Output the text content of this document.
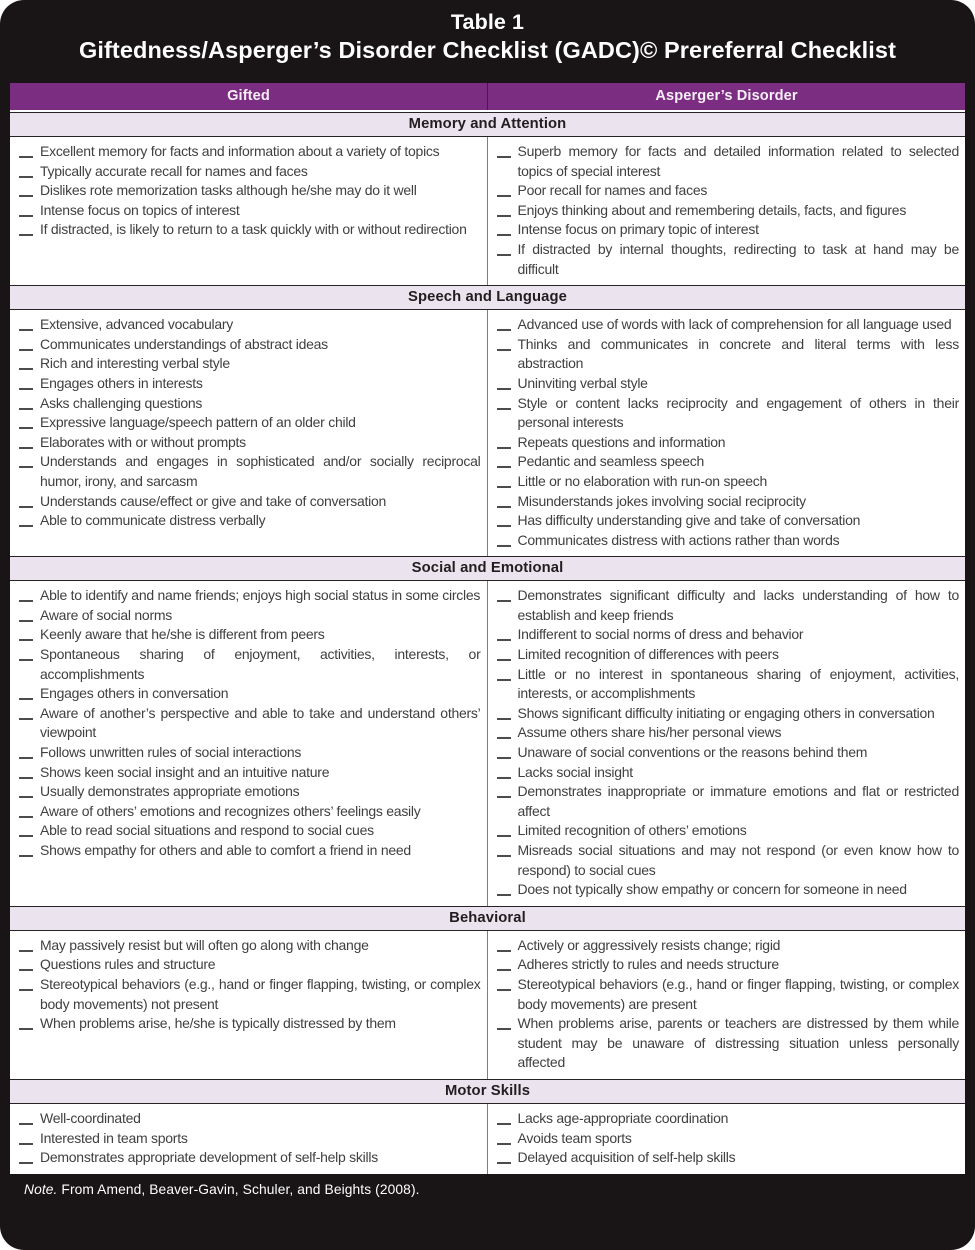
Table 1
Giftedness/Asperger’s Disorder Checklist (GADC)© Prereferral Checklist
Gifted	Asperger’s Disorder
Memory and Attention
Excellent memory for facts and information about a variety of topics
Typically accurate recall for names and faces
Dislikes rote memorization tasks although he/she may do it well
Intense focus on topics of interest
If distracted, is likely to return to a task quickly with or without redirection
Superb memory for facts and detailed information related to selected topics of special interest
Poor recall for names and faces
Enjoys thinking about and remembering details, facts, and figures
Intense focus on primary topic of interest
If distracted by internal thoughts, redirecting to task at hand may be difficult
Speech and Language
Extensive, advanced vocabulary
Communicates understandings of abstract ideas
Rich and interesting verbal style
Engages others in interests
Asks challenging questions
Expressive language/speech pattern of an older child
Elaborates with or without prompts
Understands and engages in sophisticated and/or socially reciprocal humor, irony, and sarcasm
Understands cause/effect or give and take of conversation
Able to communicate distress verbally
Advanced use of words with lack of comprehension for all language used
Thinks and communicates in concrete and literal terms with less abstraction
Uninviting verbal style
Style or content lacks reciprocity and engagement of others in their personal interests
Repeats questions and information
Pedantic and seamless speech
Little or no elaboration with run-on speech
Misunderstands jokes involving social reciprocity
Has difficulty understanding give and take of conversation
Communicates distress with actions rather than words
Social and Emotional
Able to identify and name friends; enjoys high social status in some circles
Aware of social norms
Keenly aware that he/she is different from peers
Spontaneous sharing of enjoyment, activities, interests, or accomplishments
Engages others in conversation
Aware of another’s perspective and able to take and understand others’ viewpoint
Follows unwritten rules of social interactions
Shows keen social insight and an intuitive nature
Usually demonstrates appropriate emotions
Aware of others’ emotions and recognizes others’ feelings easily
Able to read social situations and respond to social cues
Shows empathy for others and able to comfort a friend in need
Demonstrates significant difficulty and lacks understanding of how to establish and keep friends
Indifferent to social norms of dress and behavior
Limited recognition of differences with peers
Little or no interest in spontaneous sharing of enjoyment, activities, interests, or accomplishments
Shows significant difficulty initiating or engaging others in conversation
Assume others share his/her personal views
Unaware of social conventions or the reasons behind them
Lacks social insight
Demonstrates inappropriate or immature emotions and flat or restricted affect
Limited recognition of others’ emotions
Misreads social situations and may not respond (or even know how to respond) to social cues
Does not typically show empathy or concern for someone in need
Behavioral
May passively resist but will often go along with change
Questions rules and structure
Stereotypical behaviors (e.g., hand or finger flapping, twisting, or complex body movements) not present
When problems arise, he/she is typically distressed by them
Actively or aggressively resists change; rigid
Adheres strictly to rules and needs structure
Stereotypical behaviors (e.g., hand or finger flapping, twisting, or complex body movements) are present
When problems arise, parents or teachers are distressed by them while student may be unaware of distressing situation unless personally affected
Motor Skills
Well-coordinated
Interested in team sports
Demonstrates appropriate development of self-help skills
Lacks age-appropriate coordination
Avoids team sports
Delayed acquisition of self-help skills
Note. From Amend, Beaver-Gavin, Schuler, and Beights (2008).
